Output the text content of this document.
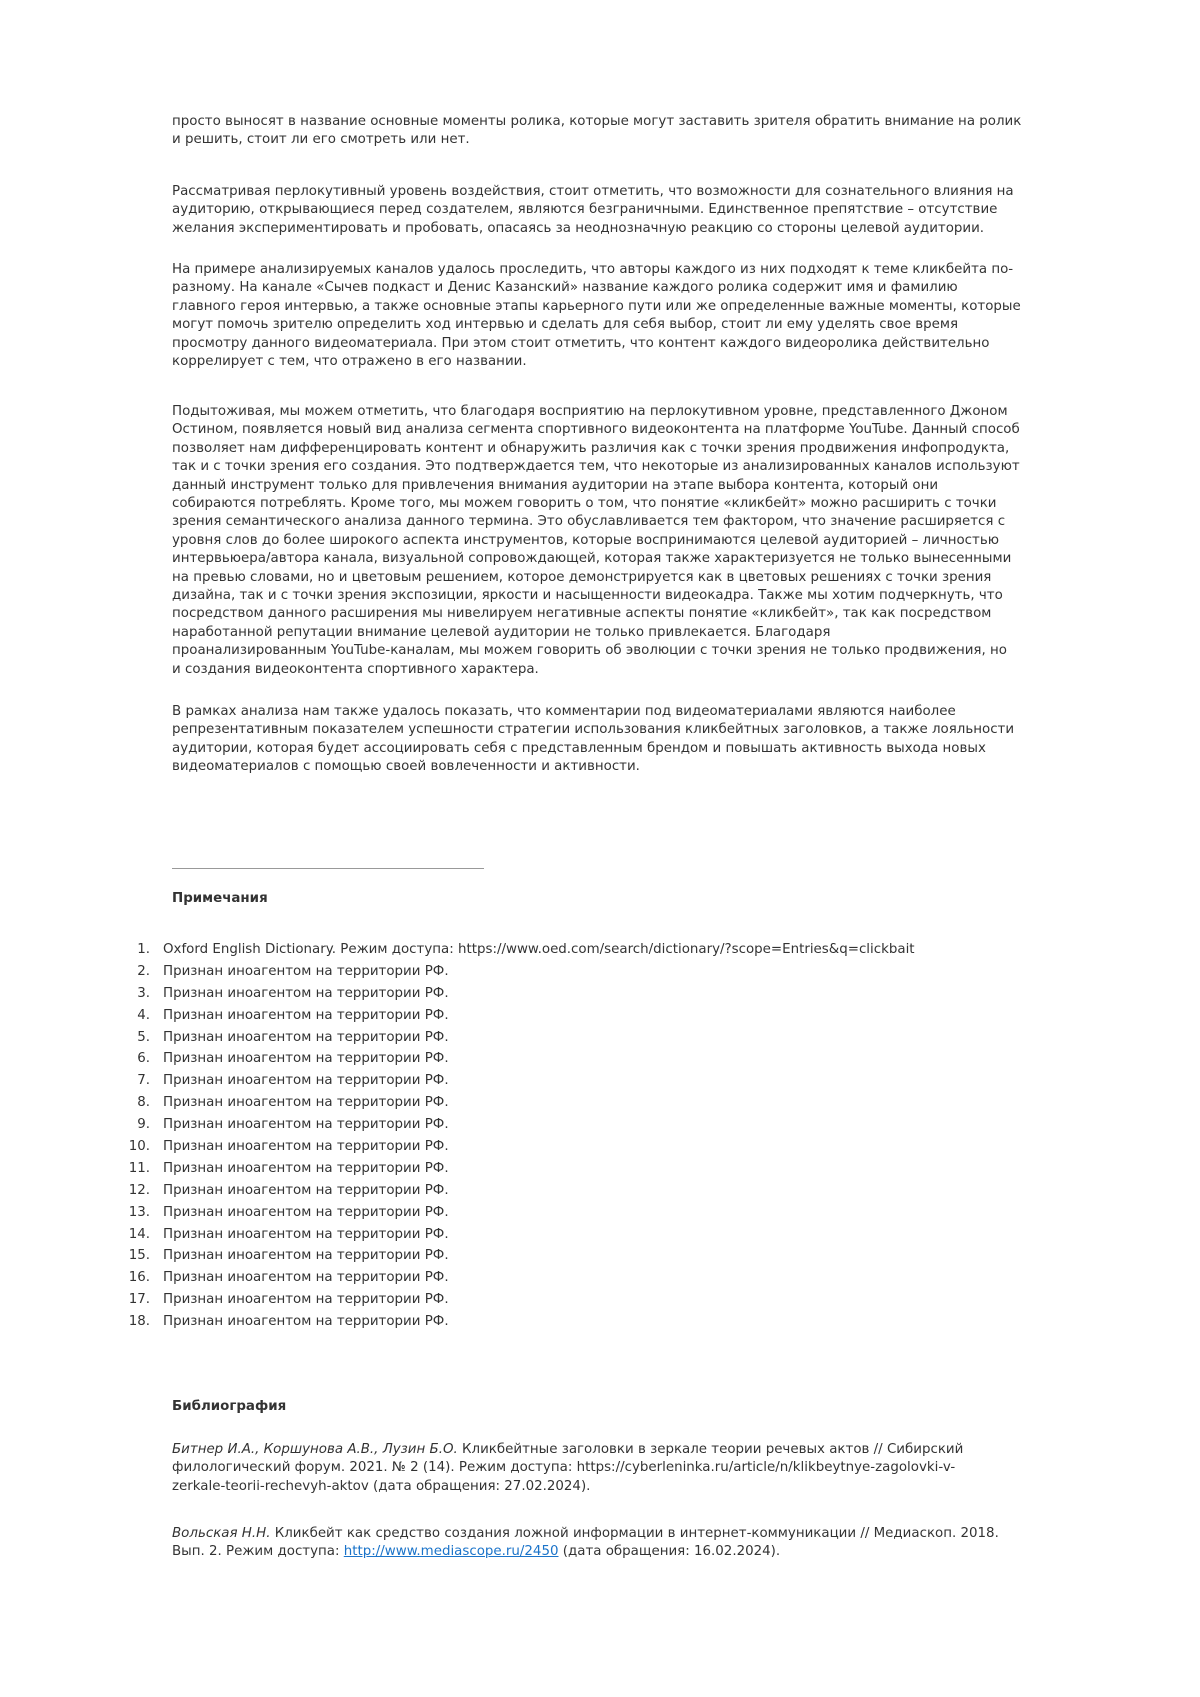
просто выносят в название основные моменты ролика, которые могут заставить зрителя обратить внимание на ролик
и решить, стоит ли его смотреть или нет.
Рассматривая перлокутивный уровень воздействия, стоит отметить, что возможности для сознательного влияния на
аудиторию, открывающиеся перед создателем, являются безграничными. Единственное препятствие – отсутствие
желания экспериментировать и пробовать, опасаясь за неоднозначную реакцию со стороны целевой аудитории.
На примере анализируемых каналов удалось проследить, что авторы каждого из них подходят к теме кликбейта по-
разному. На канале «Сычев подкаст и Денис Казанский» название каждого ролика содержит имя и фамилию
главного героя интервью, а также основные этапы карьерного пути или же определенные важные моменты, которые
могут помочь зрителю определить ход интервью и сделать для себя выбор, стоит ли ему уделять свое время
просмотру данного видеоматериала. При этом стоит отметить, что контент каждого видеоролика действительно
коррелирует с тем, что отражено в его названии.
Подытоживая, мы можем отметить, что благодаря восприятию на перлокутивном уровне, представленного Джоном
Остином, появляется новый вид анализа сегмента спортивного видеоконтента на платформе YouTube. Данный способ
позволяет нам дифференцировать контент и обнаружить различия как с точки зрения продвижения инфопродукта,
так и с точки зрения его создания. Это подтверждается тем, что некоторые из анализированных каналов используют
данный инструмент только для привлечения внимания аудитории на этапе выбора контента, который они
собираются потреблять. Кроме того, мы можем говорить о том, что понятие «кликбейт» можно расширить с точки
зрения семантического анализа данного термина. Это обуславливается тем фактором, что значение расширяется с
уровня слов до более широкого аспекта инструментов, которые воспринимаются целевой аудиторией – личностью
интервьюера/автора канала, визуальной сопровождающей, которая также характеризуется не только вынесенными
на превью словами, но и цветовым решением, которое демонстрируется как в цветовых решениях с точки зрения
дизайна, так и с точки зрения экспозиции, яркости и насыщенности видеокадра. Также мы хотим подчеркнуть, что
посредством данного расширения мы нивелируем негативные аспекты понятие «кликбейт», так как посредством
наработанной репутации внимание целевой аудитории не только привлекается. Благодаря
проанализированным YouTube-каналам, мы можем говорить об эволюции с точки зрения не только продвижения, но
и создания видеоконтента спортивного характера.
В рамках анализа нам также удалось показать, что комментарии под видеоматериалами являются наиболее
репрезентативным показателем успешности стратегии использования кликбейтных заголовков, а также лояльности
аудитории, которая будет ассоциировать себя с представленным брендом и повышать активность выхода новых
видеоматериалов с помощью своей вовлеченности и активности.
Примечания
1. Oxford English Dictionary. Режим доступа: https://www.oed.com/search/dictionary/?scope=Entries&q=clickbait
2. Признан иноагентом на территории РФ.
3. Признан иноагентом на территории РФ.
4. Признан иноагентом на территории РФ.
5. Признан иноагентом на территории РФ.
6. Признан иноагентом на территории РФ.
7. Признан иноагентом на территории РФ.
8. Признан иноагентом на территории РФ.
9. Признан иноагентом на территории РФ.
10. Признан иноагентом на территории РФ.
11. Признан иноагентом на территории РФ.
12. Признан иноагентом на территории РФ.
13. Признан иноагентом на территории РФ.
14. Признан иноагентом на территории РФ.
15. Признан иноагентом на территории РФ.
16. Признан иноагентом на территории РФ.
17. Признан иноагентом на территории РФ.
18. Признан иноагентом на территории РФ.
Библиография
Битнер И.А., Коршунова А.В., Лузин Б.О. Кликбейтные заголовки в зеркале теории речевых актов // Сибирский
филологический форум. 2021. № 2 (14). Режим доступа: https://cyberleninka.ru/article/n/klikbeytnye-zagolovki-v-
zerkale-teorii-rechevyh-aktov (дата обращения: 27.02.2024).
Вольская Н.Н. Кликбейт как средство создания ложной информации в интернет-коммуникации // Медиаскоп. 2018.
Вып. 2. Режим доступа: http://www.mediascope.ru/2450 (дата обращения: 16.02.2024).
